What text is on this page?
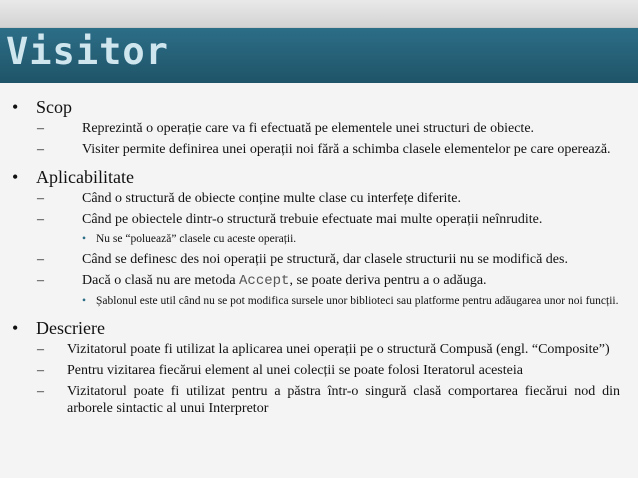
Visitor
• Scop
–	Reprezintă o operație care va fi efectuată pe elementele unei structuri de obiecte.
–	Visiter permite definirea unei operații noi fără a schimba clasele elementelor pe care operează.
• Aplicabilitate
–	Când o structură de obiecte conține multe clase cu interfețe diferite.
–	Când pe obiectele dintr-o structură trebuie efectuate mai multe operații neînrudite.
• Nu se “poluează” clasele cu aceste operații.
–	Când se definesc des noi operații pe structură, dar clasele structurii nu se modifică des.
–	Dacă o clasă nu are metoda Accept, se poate deriva pentru a o adăuga.
• Șablonul este util când nu se pot modifica sursele unor biblioteci sau platforme pentru adăugarea unor noi funcții.
• Descriere
– Vizitatorul poate fi utilizat la aplicarea unei operații pe o structură Compusă (engl. “Composite”)
– Pentru vizitarea fiecărui element al unei colecții se poate folosi Iteratorul acesteia
– Vizitatorul poate fi utilizat pentru a păstra într-o singură clasă comportarea fiecărui nod din arborele sintactic al unui Interpretor
